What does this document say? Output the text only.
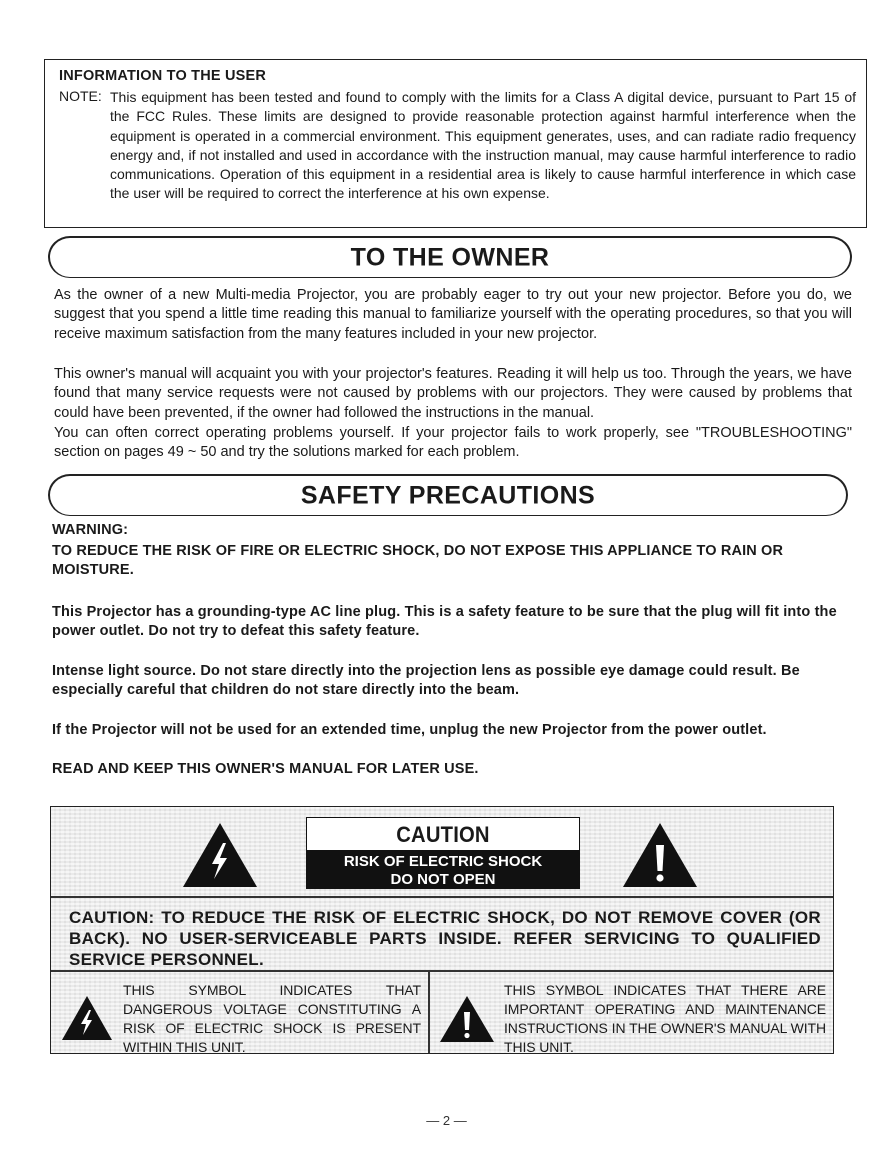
INFORMATION TO THE USER
NOTE: This equipment has been tested and found to comply with the limits for a Class A digital device, pursuant to Part 15 of the FCC Rules. These limits are designed to provide reasonable protection against harmful interference when the equipment is operated in a commercial environment. This equipment generates, uses, and can radiate radio frequency energy and, if not installed and used in accordance with the instruction manual, may cause harmful interference to radio communications. Operation of this equipment in a residential area is likely to cause harmful interference in which case the user will be required to correct the interference at his own expense.
TO THE OWNER
As the owner of a new Multi-media Projector, you are probably eager to try out your new projector. Before you do, we suggest that you spend a little time reading this manual to familiarize yourself with the operating procedures, so that you will receive maximum satisfaction from the many features included in your new projector.
This owner's manual will acquaint you with your projector's features. Reading it will help us too. Through the years, we have found that many service requests were not caused by problems with our projectors. They were caused by problems that could have been prevented, if the owner had followed the instructions in the manual.
You can often correct operating problems yourself. If your projector fails to work properly, see "TROUBLESHOOTING" section on pages 49 ~ 50 and try the solutions marked for each problem.
SAFETY PRECAUTIONS
WARNING:
TO REDUCE THE RISK OF FIRE OR ELECTRIC SHOCK, DO NOT EXPOSE THIS APPLIANCE TO RAIN OR MOISTURE.
This Projector has a grounding-type AC line plug. This is a safety feature to be sure that the plug will fit into the power outlet. Do not try to defeat this safety feature.
Intense light source. Do not stare directly into the projection lens as possible eye damage could result. Be especially careful that children do not stare directly into the beam.
If the Projector will not be used for an extended time, unplug the new Projector from the power outlet.
READ AND KEEP THIS OWNER'S MANUAL FOR LATER USE.
CAUTION
RISK OF ELECTRIC SHOCK
DO NOT OPEN
CAUTION: TO REDUCE THE RISK OF ELECTRIC SHOCK, DO NOT REMOVE COVER (OR BACK). NO USER-SERVICEABLE PARTS INSIDE. REFER SERVICING TO QUALIFIED SERVICE PERSONNEL.
THIS SYMBOL INDICATES THAT DANGEROUS VOLTAGE CONSTITUTING A RISK OF ELECTRIC SHOCK IS PRESENT WITHIN THIS UNIT.
THIS SYMBOL INDICATES THAT THERE ARE IMPORTANT OPERATING AND MAINTENANCE INSTRUCTIONS IN THE OWNER'S MANUAL WITH THIS UNIT.
— 2 —
